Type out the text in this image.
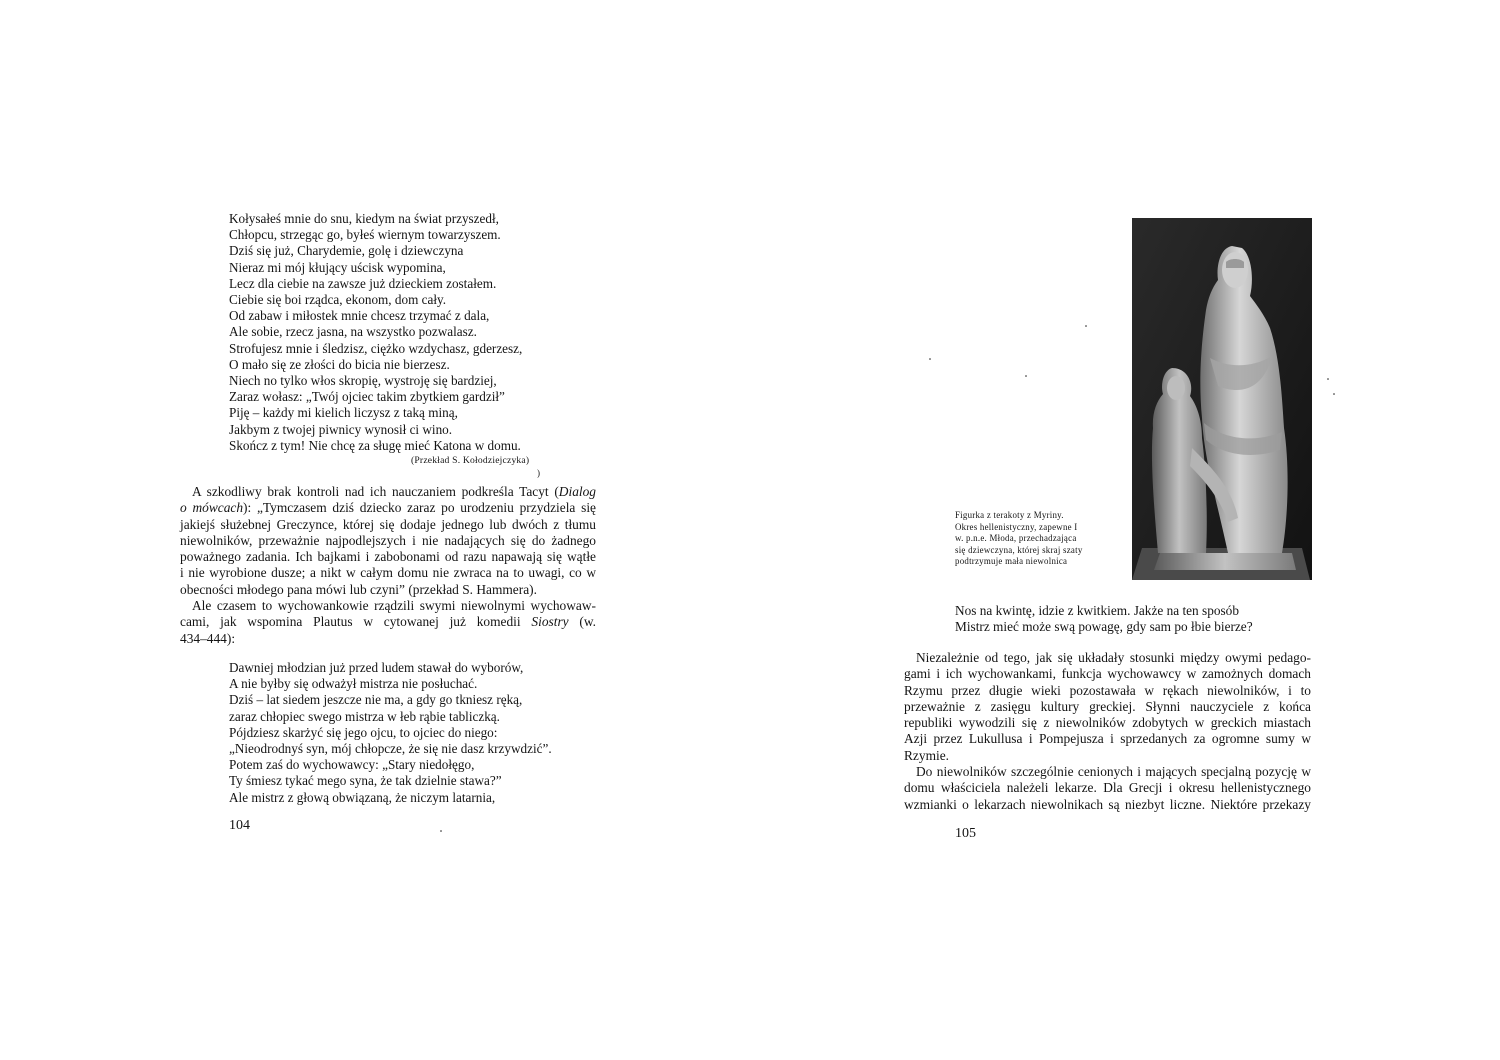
Kołysałeś mnie do snu, kiedym na świat przyszedł,
Chłopcu, strzegąc go, byłeś wiernym towarzyszem.
Dziś się już, Charydemie, golę i dziewczyna
Nieraz mi mój kłujący uścisk wypomina,
Lecz dla ciebie na zawsze już dzieckiem zostałem.
Ciebie się boi rządca, ekonom, dom cały.
Od zabaw i miłostek mnie chcesz trzymać z dala,
Ale sobie, rzecz jasna, na wszystko pozwalasz.
Strofujesz mnie i śledzisz, ciężko wzdychasz, gderzesz,
O mało się ze złości do bicia nie bierzesz.
Niech no tylko włos skropię, wystroję się bardziej,
Zaraz wołasz: „Twój ojciec takim zbytkiem gardził”
Piję – każdy mi kielich liczysz z taką miną,
Jakbym z twojej piwnicy wynosił ci wino.
Skończ z tym! Nie chcę za sługę mieć Katona w domu.
(Przekład S. Kołodziejczyka)
)

A szkodliwy brak kontroli nad ich nauczaniem podkreśla Tacyt (Dialog
o mówcach): „Tymczasem dziś dziecko zaraz po urodzeniu przydziela się
jakiejś służebnej Greczynce, której się dodaje jednego lub dwóch z tłumu
niewolników, przeważnie najpodlejszych i nie nadających się do żadnego
poważnego zadania. Ich bajkami i zabobonami od razu napawają się wątłe
i nie wyrobione dusze; a nikt w całym domu nie zwraca na to uwagi, co w
obecności młodego pana mówi lub czyni” (przekład S. Hammera).

Ale czasem to wychowankowie rządzili swymi niewolnymi wychowaw-
cami, jak wspomina Plautus w cytowanej już komedii Siostry (w.
434–444):

Dawniej młodzian już przed ludem stawał do wyborów,
A nie byłby się odważył mistrza nie posłuchać.
Dziś – lat siedem jeszcze nie ma, a gdy go tkniesz ręką,
zaraz chłopiec swego mistrza w łeb rąbie tabliczką.
Pójdziesz skarżyć się jego ojcu, to ojciec do niego:
„Nieodrodnyś syn, mój chłopcze, że się nie dasz krzywdzić”.
Potem zaś do wychowawcy: „Stary niedołęgo,
Ty śmiesz tykać mego syna, że tak dzielnie stawa?”
Ale mistrz z głową obwiązaną, że niczym latarnia,
104
Figurka z terakoty z Myriny.
Okres hellenistyczny, zapewne I
w. p.n.e. Młoda, przechadzająca
się dziewczyna, której skraj szaty
podtrzymuje mała niewolnica
Nos na kwintę, idzie z kwitkiem. Jakże na ten sposób
Mistrz mieć może swą powagę, gdy sam po łbie bierze?

Niezależnie od tego, jak się układały stosunki między owymi pedago-
gami i ich wychowankami, funkcja wychowawcy w zamożnych domach
Rzymu przez długie wieki pozostawała w rękach niewolników, i to
przeważnie z zasięgu kultury greckiej. Słynni nauczyciele z końca
republiki wywodzili się z niewolników zdobytych w greckich miastach
Azji przez Lukullusa i Pompejusza i sprzedanych za ogromne sumy w
Rzymie.

Do niewolników szczególnie cenionych i mających specjalną pozycję w
domu właściciela należeli lekarze. Dla Grecji i okresu hellenistycznego
wzmianki o lekarzach niewolnikach są niezbyt liczne. Niektóre przekazy

105
